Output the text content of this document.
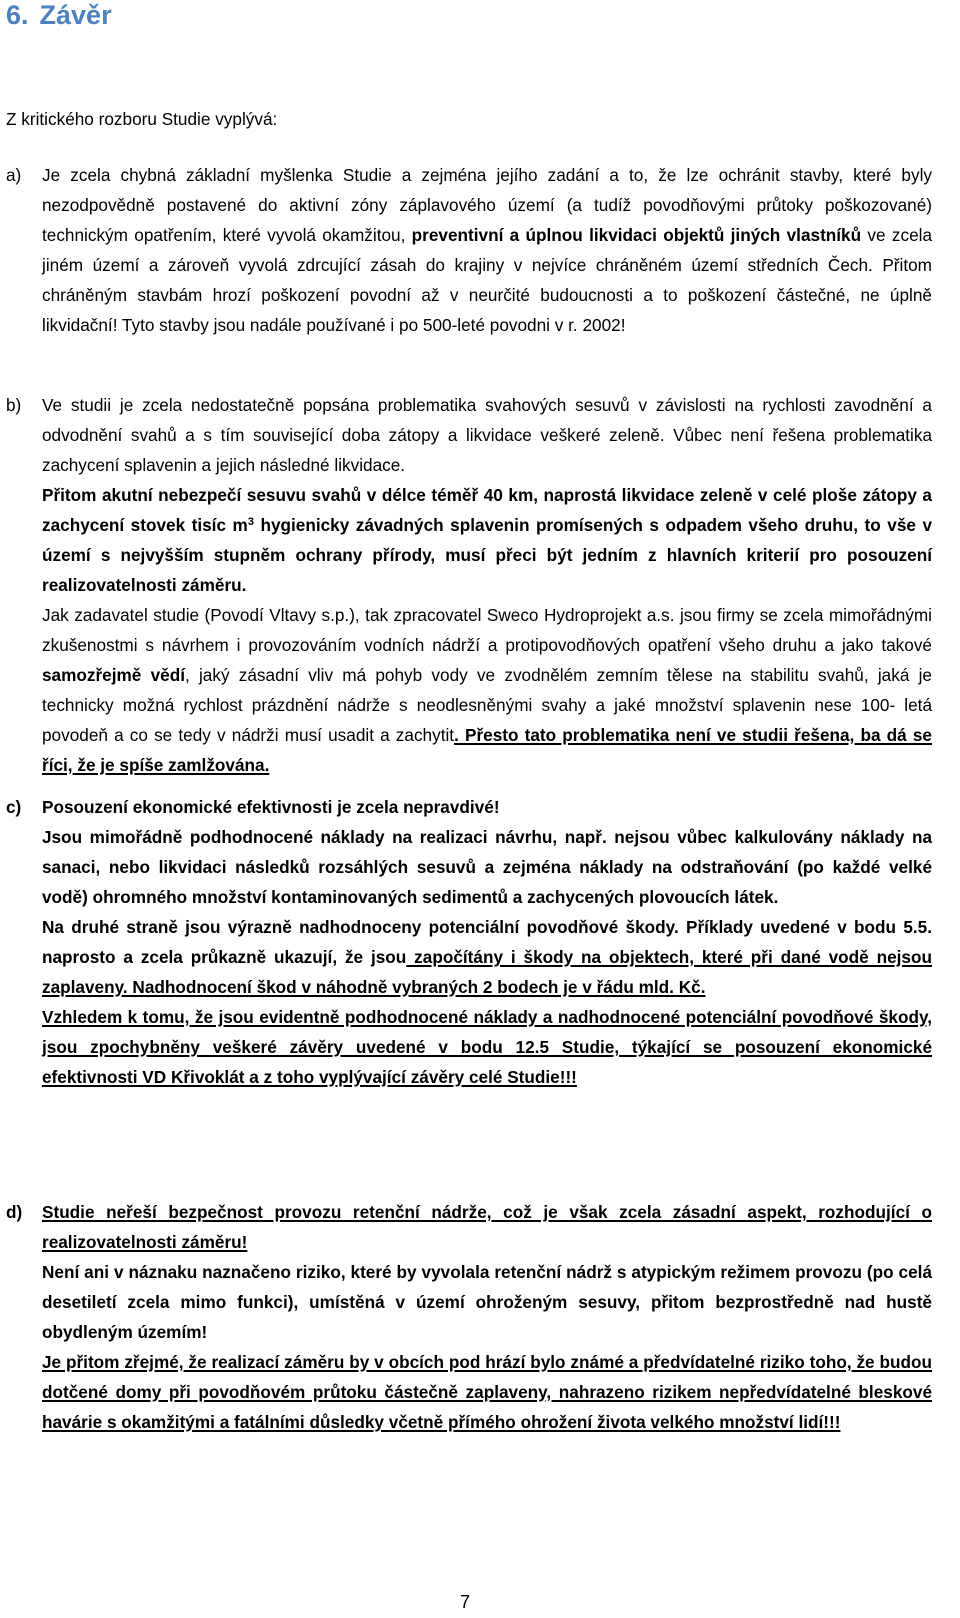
6. Závěr

Z kritického rozboru Studie vyplývá:

a) Je zcela chybná základní myšlenka Studie a zejména jejího zadání a to, že lze ochránit stavby, které byly nezodpovědně postavené do aktivní zóny záplavového území (a tudíž povodňovými průtoky poškozované) technickým opatřením, které vyvolá okamžitou, preventivní a úplnou likvidaci objektů jiných vlastníků ve zcela jiném území a zároveň vyvolá zdrcující zásah do krajiny v nejvíce chráněném území středních Čech. Přitom chráněným stavbám hrozí poškození povodní až v neurčité budoucnosti a to poškození částečné, ne úplně likvidační! Tyto stavby jsou nadále používané i po 500-leté povodni v r. 2002!

b) Ve studii je zcela nedostatečně popsána problematika svahových sesuvů v závislosti na rychlosti zavodnění a odvodnění svahů a s tím související doba zátopy a likvidace veškeré zeleně. Vůbec není řešena problematika zachycení splavenin a jejich následné likvidace.

Přitom akutní nebezpečí sesuvu svahů v délce téměř 40 km, naprostá likvidace zeleně v celé ploše zátopy a zachycení stovek tisíc $m^3$ hygienicky závadných splavenin promísených s odpadem všeho druhu, to vše v území s nejvyšším stupněm ochrany přírody, musí přeci být jedním z hlavních kriterií pro posouzení realizovatelnosti záměru.

Jak zadavatel studie (Povodí Vltavy s.p.), tak zpracovatel Sweco Hydroprojekt a.s. jsou firmy se zcela mimořádnými zkušenostmi s návrhem i provozováním vodních nádrží a protipovodňových opatření všeho druhu a jako takové samozřejmě vědí, jaký zásadní vliv má pohyb vody ve zvodnělém zemním tělese na stabilitu svahů, jaká je technicky možná rychlost prázdnění nádrže s neodlesněnými svahy a jaké množství splavenin nese 100- letá povodeň a co se tedy v nádrži musí usadit a zachytit. Přesto tato problematika není ve studii řešena, ba dá se říci, že je spíše zamlžována.

c) Posouzení ekonomické efektivnosti je zcela nepravdivé!

Jsou mimořádně podhodnocené náklady na realizaci návrhu, např. nejsou vůbec kalkulovány náklady na sanaci, nebo likvidaci následků rozsáhlých sesuvů a zejména náklady na odstraňování (po každé velké vodě) ohromného množství kontaminovaných sedimentů a zachycených plovoucích látek.

Na druhé straně jsou výrazně nadhodnoceny potenciální povodňové škody. Příklady uvedené v bodu 5.5. naprosto a zcela průkazně ukazují, že jsou započítány i škody na objektech, které při dané vodě nejsou zaplaveny. Nadhodnocení škod v náhodně vybraných 2 bodech je v řádu mld. Kč.

Vzhledem k tomu, že jsou evidentně podhodnocené náklady a nadhodnocené potenciální povodňové škody, jsou zpochybněny veškeré závěry uvedené v bodu 12.5 Studie, týkající se posouzení ekonomické efektivnosti VD Křivoklát a z toho vyplývající závěry celé Studie!!!

d) Studie neřeší bezpečnost provozu retenční nádrže, což je však zcela zásadní aspekt, rozhodující o realizovatelnosti záměru!

Není ani v náznaku naznačeno riziko, které by vyvolala retenční nádrž s atypickým režimem provozu (po celá desetiletí zcela mimo funkci), umístěná v území ohroženým sesuvy, přitom bezprostředně nad hustě obydleným územím!

Je přitom zřejmé, že realizací záměru by v obcích pod hrází bylo známé a předvídatelné riziko toho, že budou dotčené domy při povodňovém průtoku částečně zaplaveny, nahrazeno rizikem nepředvídatelné bleskové havárie s okamžitými a fatálními důsledky včetně přímého ohrožení života velkého množství lidí!!!

7
